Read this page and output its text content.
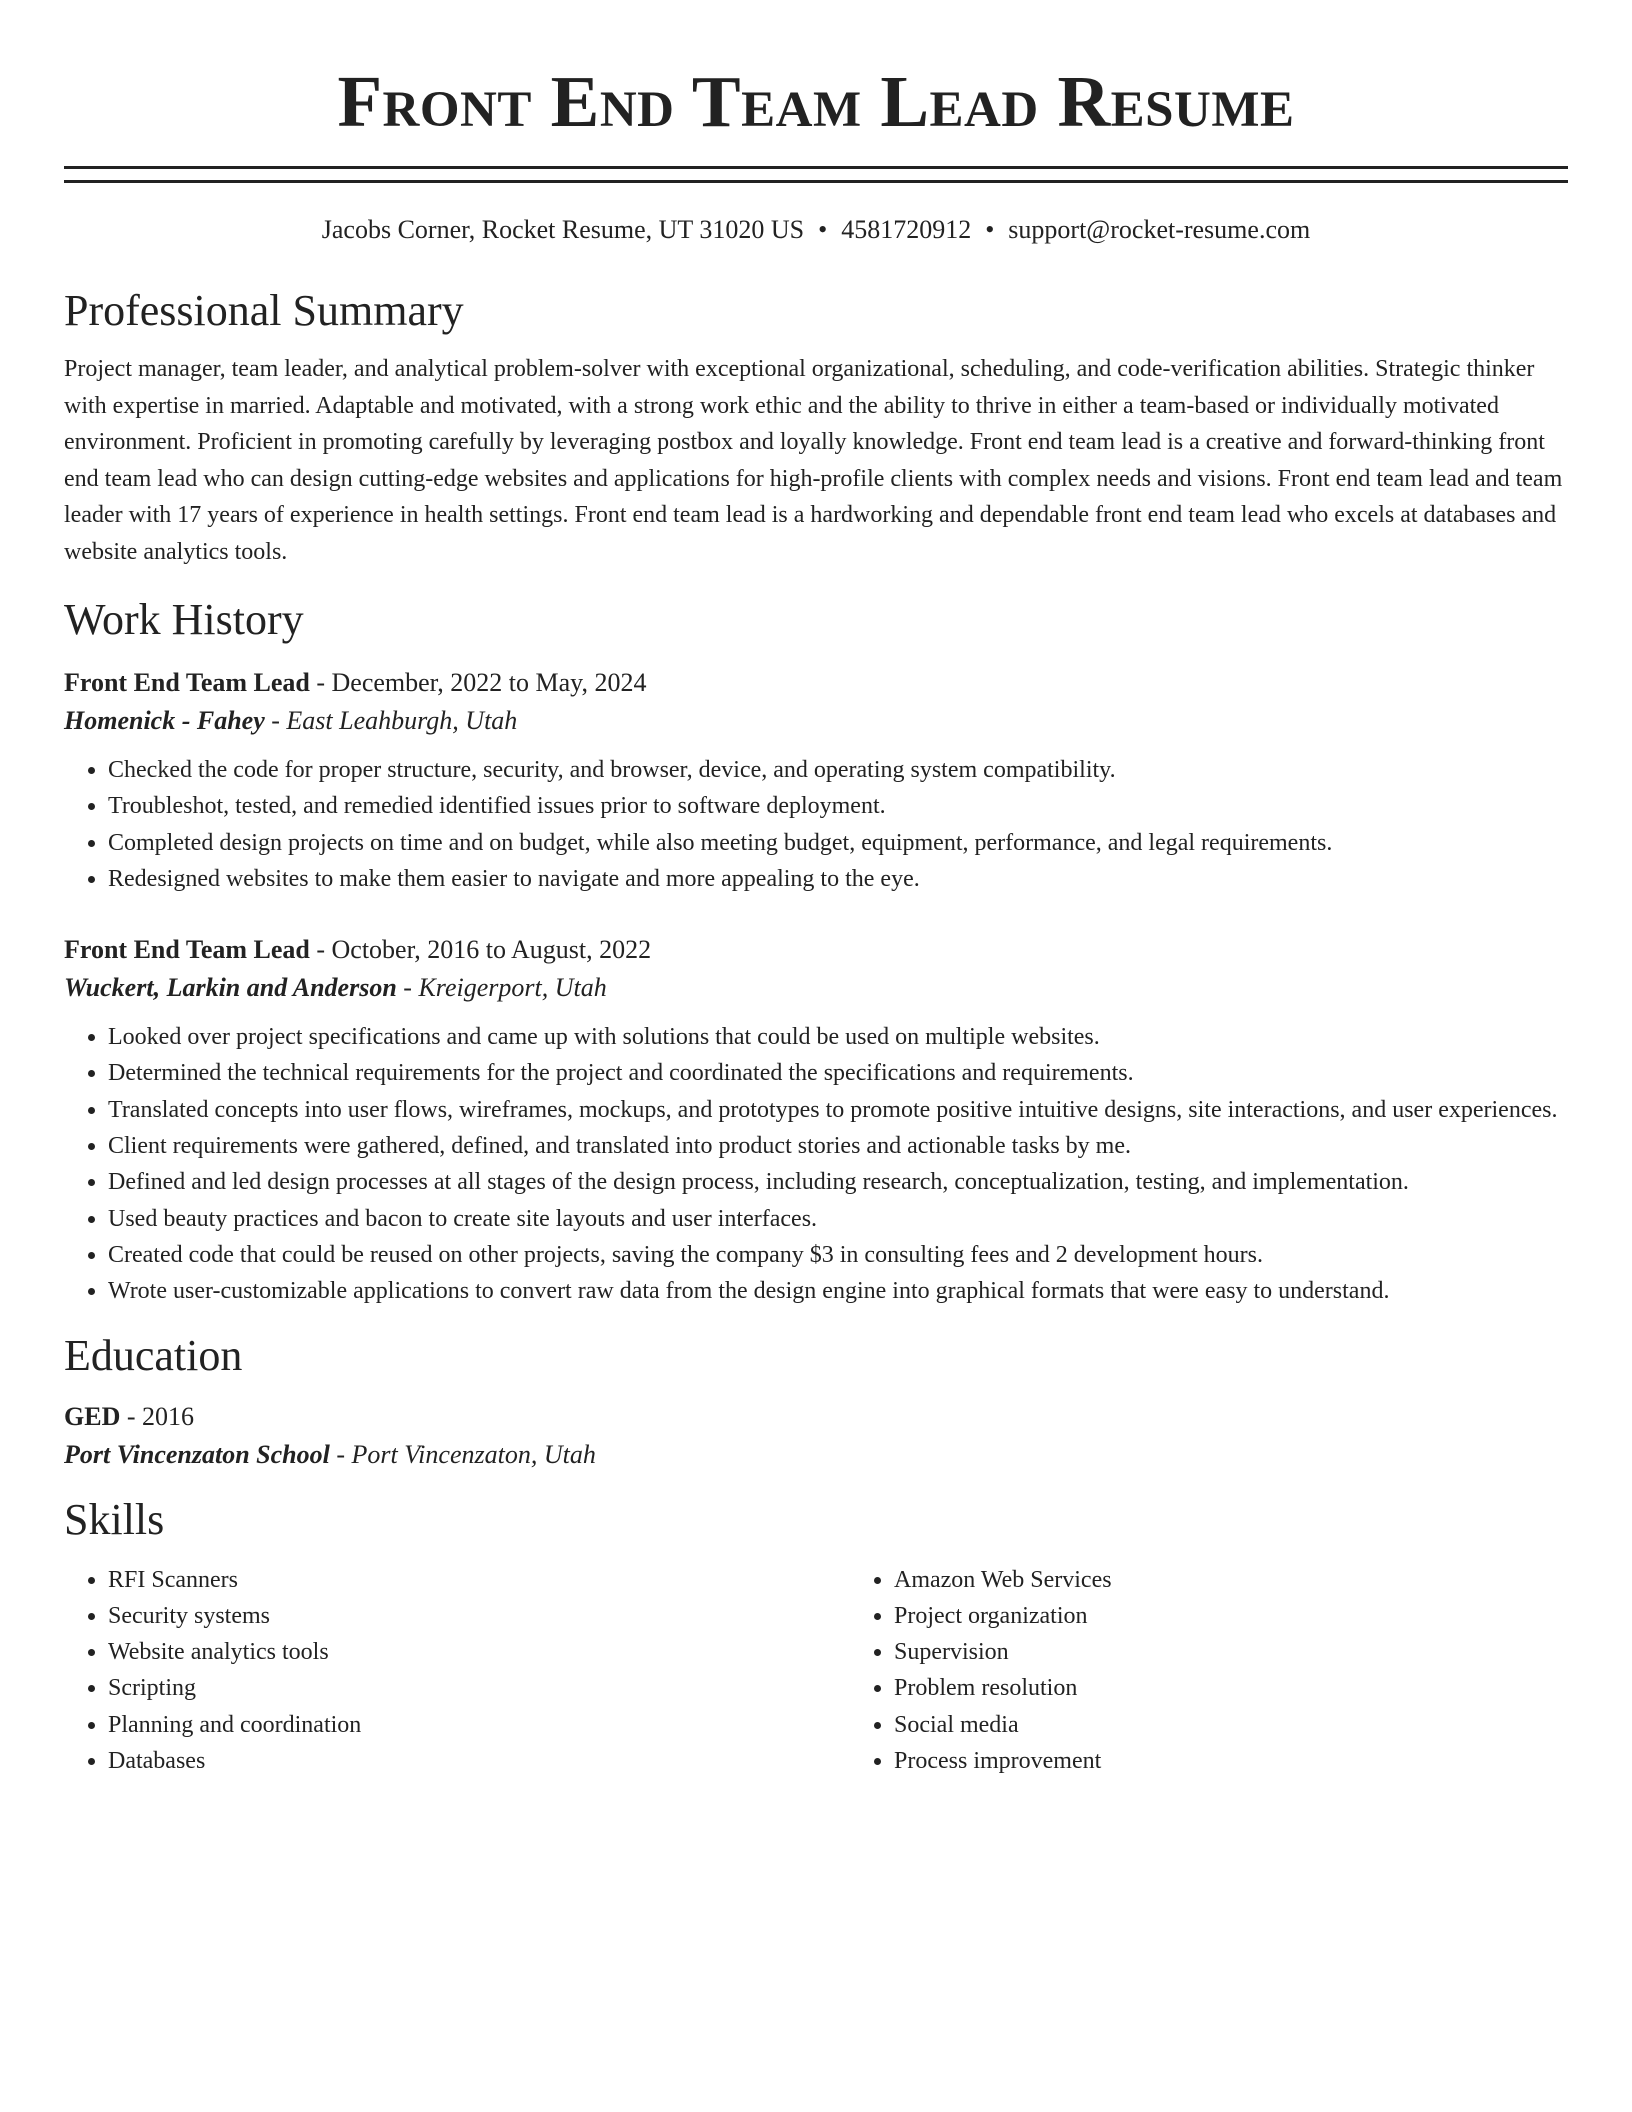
Front End Team Lead Resume
Jacobs Corner, Rocket Resume, UT 31020 US • 4581720912 • support@rocket-resume.com
Professional Summary

Project manager, team leader, and analytical problem-solver with exceptional organizational, scheduling, and code-verification abilities. Strategic thinker with expertise in married. Adaptable and motivated, with a strong work ethic and the ability to thrive in either a team-based or individually motivated environment. Proficient in promoting carefully by leveraging postbox and loyally knowledge. Front end team lead is a creative and forward-thinking front end team lead who can design cutting-edge websites and applications for high-profile clients with complex needs and visions. Front end team lead and team leader with 17 years of experience in health settings. Front end team lead is a hardworking and dependable front end team lead who excels at databases and website analytics tools.

Work History
Front End Team Lead - December, 2022 to May, 2024
Homenick - Fahey - East Leahburgh, Utah
• Checked the code for proper structure, security, and browser, device, and operating system compatibility.
• Troubleshot, tested, and remedied identified issues prior to software deployment.
• Completed design projects on time and on budget, while also meeting budget, equipment, performance, and legal requirements.
• Redesigned websites to make them easier to navigate and more appealing to the eye.
Front End Team Lead - October, 2016 to August, 2022
Wuckert, Larkin and Anderson - Kreigerport, Utah
• Looked over project specifications and came up with solutions that could be used on multiple websites.
• Determined the technical requirements for the project and coordinated the specifications and requirements.
• Translated concepts into user flows, wireframes, mockups, and prototypes to promote positive intuitive designs, site interactions, and user experiences.
• Client requirements were gathered, defined, and translated into product stories and actionable tasks by me.
• Defined and led design processes at all stages of the design process, including research, conceptualization, testing, and implementation.
• Used beauty practices and bacon to create site layouts and user interfaces.
• Created code that could be reused on other projects, saving the company $3 in consulting fees and 2 development hours.
• Wrote user-customizable applications to convert raw data from the design engine into graphical formats that were easy to understand.
Education
GED - 2016
Port Vincenzaton School - Port Vincenzaton, Utah
Skills
• RFI Scanners
• Security systems
• Website analytics tools
• Scripting
• Planning and coordination
• Databases
• Amazon Web Services
• Project organization
• Supervision
• Problem resolution
• Social media
• Process improvement
